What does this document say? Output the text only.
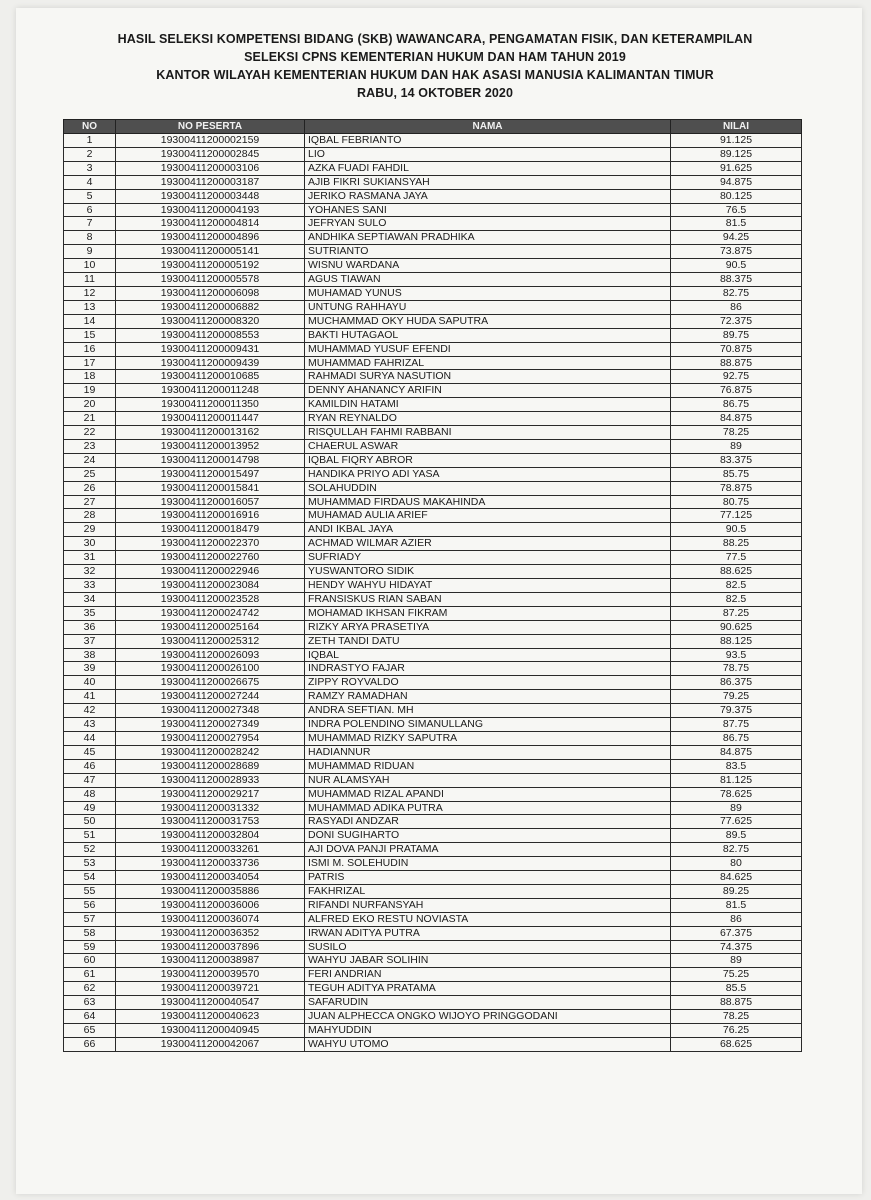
HASIL SELEKSI KOMPETENSI BIDANG (SKB) WAWANCARA, PENGAMATAN FISIK, DAN KETERAMPILAN
SELEKSI CPNS KEMENTERIAN HUKUM DAN HAM TAHUN 2019
KANTOR WILAYAH KEMENTERIAN HUKUM DAN HAK ASASI MANUSIA KALIMANTAN TIMUR
RABU, 14 OKTOBER 2020
NO	NO PESERTA	NAMA	NILAI
1	19300411200002159	IQBAL FEBRIANTO	91.125
2	19300411200002845	LIO	89.125
3	19300411200003106	AZKA FUADI FAHDIL	91.625
4	19300411200003187	AJIB FIKRI SUKIANSYAH	94.875
5	19300411200003448	JERIKO RASMANA JAYA	80.125
6	19300411200004193	YOHANES SANI	76.5
7	19300411200004814	JEFRYAN SULO	81.5
8	19300411200004896	ANDHIKA SEPTIAWAN PRADHIKA	94.25
9	19300411200005141	SUTRIANTO	73.875
10	19300411200005192	WISNU WARDANA	90.5
11	19300411200005578	AGUS TIAWAN	88.375
12	19300411200006098	MUHAMAD YUNUS	82.75
13	19300411200006882	UNTUNG RAHHAYU	86
14	19300411200008320	MUCHAMMAD OKY HUDA SAPUTRA	72.375
15	19300411200008553	BAKTI HUTAGAOL	89.75
16	19300411200009431	MUHAMMAD YUSUF EFENDI	70.875
17	19300411200009439	MUHAMMAD FAHRIZAL	88.875
18	19300411200010685	RAHMADI SURYA NASUTION	92.75
19	19300411200011248	DENNY AHANANCY ARIFIN	76.875
20	19300411200011350	KAMILDIN HATAMI	86.75
21	19300411200011447	RYAN REYNALDO	84.875
22	19300411200013162	RISQULLAH FAHMI RABBANI	78.25
23	19300411200013952	CHAERUL ASWAR	89
24	19300411200014798	IQBAL FIQRY ABROR	83.375
25	19300411200015497	HANDIKA PRIYO ADI YASA	85.75
26	19300411200015841	SOLAHUDDIN	78.875
27	19300411200016057	MUHAMMAD FIRDAUS MAKAHINDA	80.75
28	19300411200016916	MUHAMAD AULIA ARIEF	77.125
29	19300411200018479	ANDI IKBAL JAYA	90.5
30	19300411200022370	ACHMAD WILMAR AZIER	88.25
31	19300411200022760	SUFRIADY	77.5
32	19300411200022946	YUSWANTORO SIDIK	88.625
33	19300411200023084	HENDY WAHYU HIDAYAT	82.5
34	19300411200023528	FRANSISKUS RIAN SABAN	82.5
35	19300411200024742	MOHAMAD IKHSAN FIKRAM	87.25
36	19300411200025164	RIZKY ARYA PRASETIYA	90.625
37	19300411200025312	ZETH TANDI DATU	88.125
38	19300411200026093	IQBAL	93.5
39	19300411200026100	INDRASTYO FAJAR	78.75
40	19300411200026675	ZIPPY ROYVALDO	86.375
41	19300411200027244	RAMZY RAMADHAN	79.25
42	19300411200027348	ANDRA SEFTIAN. MH	79.375
43	19300411200027349	INDRA POLENDINO SIMANULLANG	87.75
44	19300411200027954	MUHAMMAD RIZKY SAPUTRA	86.75
45	19300411200028242	HADIANNUR	84.875
46	19300411200028689	MUHAMMAD RIDUAN	83.5
47	19300411200028933	NUR ALAMSYAH	81.125
48	19300411200029217	MUHAMMAD RIZAL APANDI	78.625
49	19300411200031332	MUHAMMAD ADIKA PUTRA	89
50	19300411200031753	RASYADI ANDZAR	77.625
51	19300411200032804	DONI SUGIHARTO	89.5
52	19300411200033261	AJI DOVA PANJI PRATAMA	82.75
53	19300411200033736	ISMI M. SOLEHUDIN	80
54	19300411200034054	PATRIS	84.625
55	19300411200035886	FAKHRIZAL	89.25
56	19300411200036006	RIFANDI NURFANSYAH	81.5
57	19300411200036074	ALFRED EKO RESTU NOVIASTA	86
58	19300411200036352	IRWAN ADITYA PUTRA	67.375
59	19300411200037896	SUSILO	74.375
60	19300411200038987	WAHYU JABAR SOLIHIN	89
61	19300411200039570	FERI ANDRIAN	75.25
62	19300411200039721	TEGUH ADITYA PRATAMA	85.5
63	19300411200040547	SAFARUDIN	88.875
64	19300411200040623	JUAN ALPHECCA ONGKO WIJOYO PRINGGODANI	78.25
65	19300411200040945	MAHYUDDIN	76.25
66	19300411200042067	WAHYU UTOMO	68.625
